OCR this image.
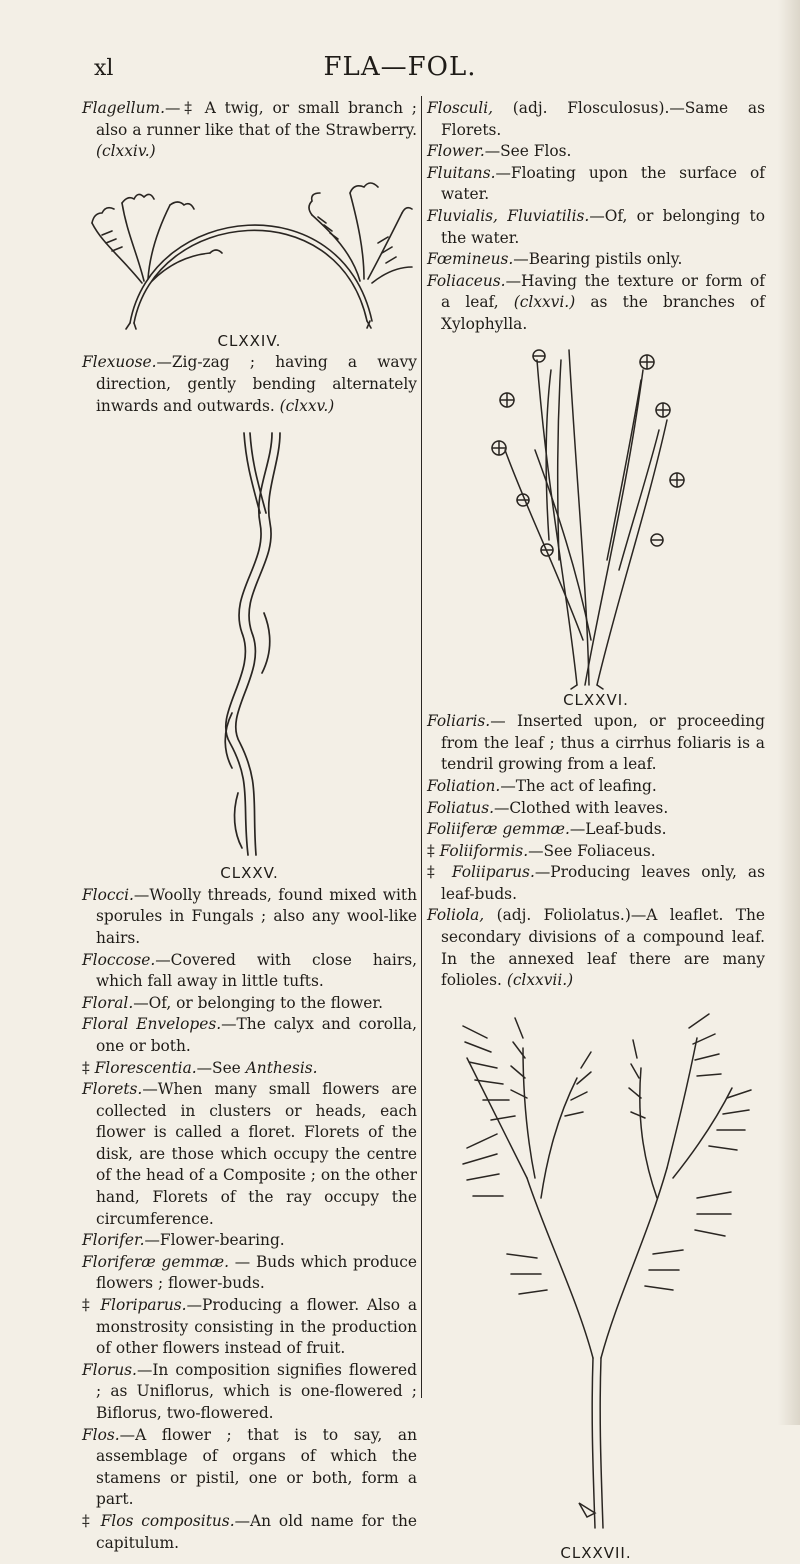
xl	FLA—FOL.

Flagellum.—‡ A twig, or small branch ; also a runner like that of the Strawberry. (clxxiv.)

CLXXIV.

Flexuose.—Zig-zag ; having a wavy direction, gently bending alternately inwards and outwards. (clxxv.)

CLXXV.

Flocci.—Woolly threads, found mixed with sporules in Fungals ; also any wool-like hairs.

Floccose.—Covered with close hairs, which fall away in little tufts.

Floral.—Of, or belonging to the flower.

Floral Envelopes.—The calyx and corolla, one or both.

‡ Florescentia.—See Anthesis.

Florets.—When many small flowers are collected in clusters or heads, each flower is called a floret. Florets of the disk, are those which occupy the centre of the head of a Composite ; on the other hand, Florets of the ray occupy the circumference.

Florifer.—Flower-bearing.

Floriferæ gemmæ. — Buds which produce flowers ; flower-buds.

‡ Floriparus.—Producing a flower. Also a monstrosity consisting in the production of other flowers instead of fruit.

Florus.—In composition signifies flowered ; as Uniflorus, which is one-flowered ; Biflorus, two-flowered.

Flos.—A flower ; that is to say, an assemblage of organs of which the stamens or pistil, one or both, form a part.

‡ Flos compositus.—An old name for the capitulum.

Flosculi, (adj. Flosculosus).—Same as Florets.

Flower.—See Flos.

Fluitans.—Floating upon the surface of water.

Fluvialis, Fluviatilis.—Of, or belonging to the water.

Fœmineus.—Bearing pistils only.

Foliaceus.—Having the texture or form of a leaf, (clxxvi.) as the branches of Xylophylla.

CLXXVI.

Foliaris.— Inserted upon, or proceeding from the leaf ; thus a cirrhus foliaris is a tendril growing from a leaf.

Foliation.—The act of leafing.

Foliatus.—Clothed with leaves.

Foliiferæ gemmæ.—Leaf-buds.

‡ Foliiformis.—See Foliaceus.

‡ Foliiparus.—Producing leaves only, as leaf-buds.

Foliola, (adj. Foliolatus.)—A leaflet. The secondary divisions of a compound leaf. In the annexed leaf there are many folioles. (clxxvii.)

CLXXVII.
